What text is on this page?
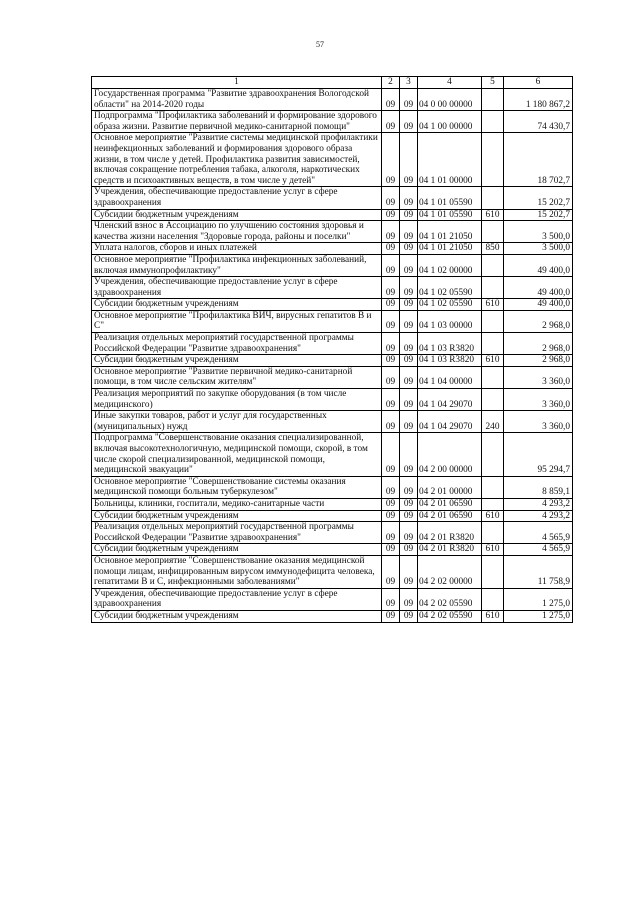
57
1	2	3	4	5	6
Государственная программа "Развитие здравоохранения Вологодской области" на 2014-2020 годы	09	09	04 0 00 00000		1 180 867,2
Подпрограмма "Профилактика заболеваний и формирование здорового образа жизни. Развитие первичной медико-санитарной помощи"	09	09	04 1 00 00000		74 430,7
Основное мероприятие "Развитие системы медицинской профилактики неинфекционных заболеваний и формирования здорового образа жизни, в том числе у детей. Профилактика развития зависимостей, включая сокращение потребления табака, алкоголя, наркотических средств и психоактивных веществ, в том числе у детей"	09	09	04 1 01 00000		18 702,7
Учреждения, обеспечивающие предоставление услуг в сфере здравоохранения	09	09	04 1 01 05590		15 202,7
Субсидии бюджетным учреждениям	09	09	04 1 01 05590	610	15 202,7
Членский взнос в Ассоциацию по улучшению состояния здоровья и качества жизни населения "Здоровые города, районы и поселки"	09	09	04 1 01 21050		3 500,0
Уплата налогов, сборов и иных платежей	09	09	04 1 01 21050	850	3 500,0
Основное мероприятие "Профилактика инфекционных заболеваний, включая иммунопрофилактику"	09	09	04 1 02 00000		49 400,0
Учреждения, обеспечивающие предоставление услуг в сфере здравоохранения	09	09	04 1 02 05590		49 400,0
Субсидии бюджетным учреждениям	09	09	04 1 02 05590	610	49 400,0
Основное мероприятие "Профилактика ВИЧ, вирусных гепатитов В и С"	09	09	04 1 03 00000		2 968,0
Реализация отдельных мероприятий государственной программы Российской Федерации "Развитие здравоохранения"	09	09	04 1 03 R3820		2 968,0
Субсидии бюджетным учреждениям	09	09	04 1 03 R3820	610	2 968,0
Основное мероприятие "Развитие первичной медико-санитарной помощи, в том числе сельским жителям"	09	09	04 1 04 00000		3 360,0
Реализация мероприятий по закупке оборудования (в том числе медицинского)	09	09	04 1 04 29070		3 360,0
Иные закупки товаров, работ и услуг для государственных (муниципальных) нужд	09	09	04 1 04 29070	240	3 360,0
Подпрограмма "Совершенствование оказания специализированной, включая высокотехнологичную, медицинской помощи, скорой, в том числе скорой специализированной, медицинской помощи, медицинской эвакуации"	09	09	04 2 00 00000		95 294,7
Основное мероприятие "Совершенствование системы оказания медицинской помощи больным туберкулезом"	09	09	04 2 01 00000		8 859,1
Больницы, клиники, госпитали, медико-санитарные части	09	09	04 2 01 06590		4 293,2
Субсидии бюджетным учреждениям	09	09	04 2 01 06590	610	4 293,2
Реализация отдельных мероприятий государственной программы Российской Федерации "Развитие здравоохранения"	09	09	04 2 01 R3820		4 565,9
Субсидии бюджетным учреждениям	09	09	04 2 01 R3820	610	4 565,9
Основное мероприятие "Совершенствование оказания медицинской помощи лицам, инфицированным вирусом иммунодефицита человека, гепатитами В и С, инфекционными заболеваниями"	09	09	04 2 02 00000		11 758,9
Учреждения, обеспечивающие предоставление услуг в сфере здравоохранения	09	09	04 2 02 05590		1 275,0
Субсидии бюджетным учреждениям	09	09	04 2 02 05590	610	1 275,0
